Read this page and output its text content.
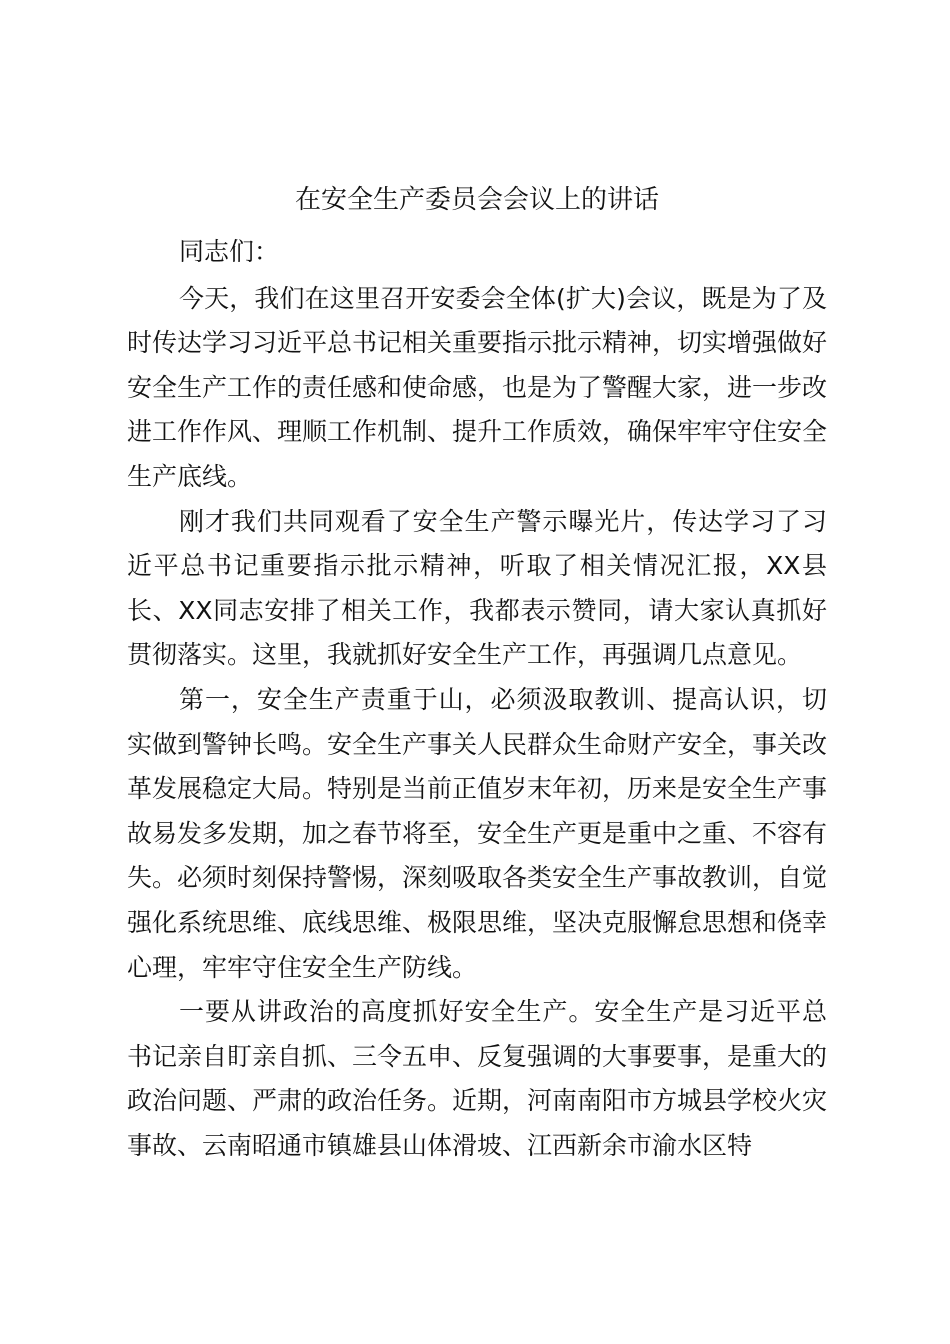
在安全生产委员会会议上的讲话

同志们：

今天，我们在这里召开安委会全体(扩大)会议，既是为了及时传达学习习近平总书记相关重要指示批示精神，切实增强做好安全生产工作的责任感和使命感，也是为了警醒大家，进一步改进工作作风、理顺工作机制、提升工作质效，确保牢牢守住安全生产底线。

刚才我们共同观看了安全生产警示曝光片，传达学习了习近平总书记重要指示批示精神，听取了相关情况汇报，XX县长、XX同志安排了相关工作，我都表示赞同，请大家认真抓好贯彻落实。这里，我就抓好安全生产工作，再强调几点意见。

第一，安全生产责重于山，必须汲取教训、提高认识，切实做到警钟长鸣。安全生产事关人民群众生命财产安全，事关改革发展稳定大局。特别是当前正值岁末年初，历来是安全生产事故易发多发期，加之春节将至，安全生产更是重中之重、不容有失。必须时刻保持警惕，深刻吸取各类安全生产事故教训，自觉强化系统思维、底线思维、极限思维，坚决克服懈怠思想和侥幸心理，牢牢守住安全生产防线。

一要从讲政治的高度抓好安全生产。安全生产是习近平总书记亲自盯亲自抓、三令五申、反复强调的大事要事，是重大的政治问题、严肃的政治任务。近期，河南南阳市方城县学校火灾事故、云南昭通市镇雄县山体滑坡、江西新余市渝水区特
